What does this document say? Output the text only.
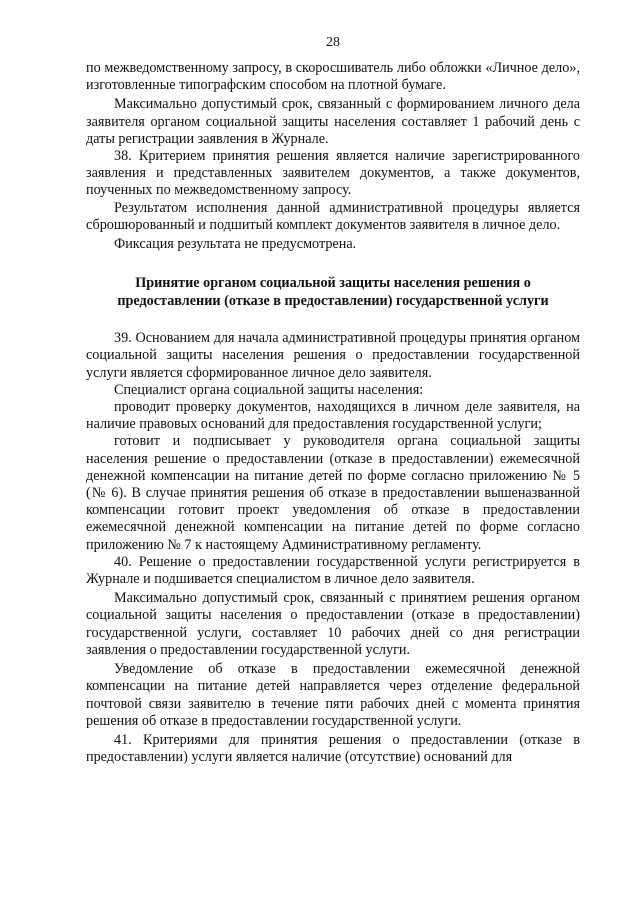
28

по межведомственному запросу, в скоросшиватель либо обложки «Личное дело», изготовленные типографским способом на плотной бумаге.

Максимально допустимый срок, связанный с формированием личного дела заявителя органом социальной защиты населения составляет 1 рабочий день с даты регистрации заявления в Журнале.

38. Критерием принятия решения является наличие зарегистрированного заявления и представленных заявителем документов, а также документов, поученных по межведомственному запросу.

Результатом исполнения данной административной процедуры является сброшюрованный и подшитый комплект документов заявителя в личное дело.

Фиксация результата не предусмотрена.

Принятие органом социальной защиты населения решения о предоставлении (отказе в предоставлении) государственной услуги

39. Основанием для начала административной процедуры принятия органом социальной защиты населения решения о предоставлении государственной услуги является сформированное личное дело заявителя.

Специалист органа социальной защиты населения:

проводит проверку документов, находящихся в личном деле заявителя, на наличие правовых оснований для предоставления государственной услуги;

готовит и подписывает у руководителя органа социальной защиты населения решение о предоставлении (отказе в предоставлении) ежемесячной денежной компенсации на питание детей по форме согласно приложению № 5 (№ 6). В случае принятия решения об отказе в предоставлении вышеназванной компенсации готовит проект уведомления об отказе в предоставлении ежемесячной денежной компенсации на питание детей по форме согласно приложению № 7 к настоящему Административному регламенту.

40. Решение о предоставлении государственной услуги регистрируется в Журнале и подшивается специалистом в личное дело заявителя.

Максимально допустимый срок, связанный с принятием решения органом социальной защиты населения о предоставлении (отказе в предоставлении) государственной услуги, составляет 10 рабочих дней со дня регистрации заявления о предоставлении государственной услуги.

Уведомление об отказе в предоставлении ежемесячной денежной компенсации на питание детей направляется через отделение федеральной почтовой связи заявителю в течение пяти рабочих дней с момента принятия решения об отказе в предоставлении государственной услуги.

41. Критериями для принятия решения о предоставлении (отказе в предоставлении) услуги является наличие (отсутствие) оснований для
